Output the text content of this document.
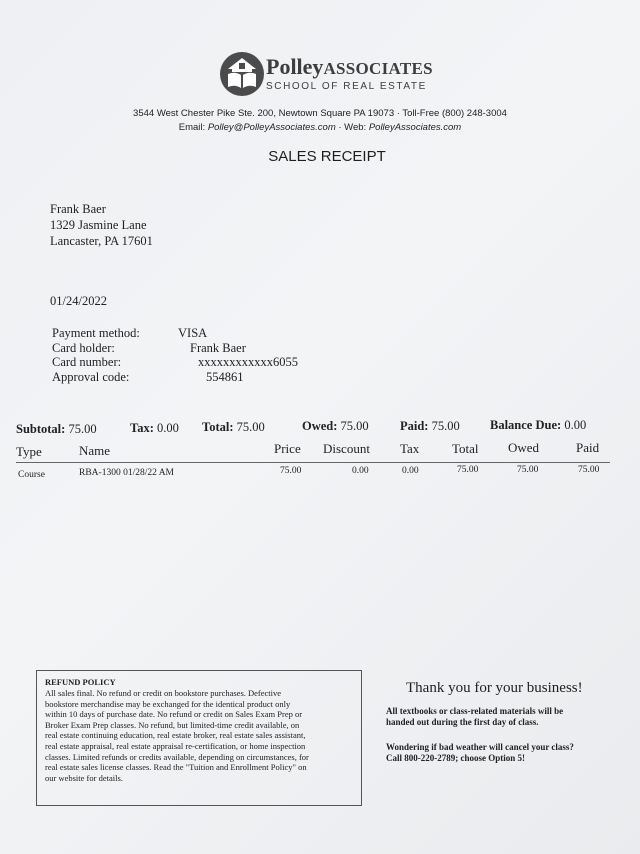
PolleyASSOCIATES
SCHOOL OF REAL ESTATE
3544 West Chester Pike Ste. 200, Newtown Square PA 19073 · Toll-Free (800) 248-3004
Email: Polley@PolleyAssociates.com · Web: PolleyAssociates.com
SALES RECEIPT
Frank Baer
1329 Jasmine Lane
Lancaster, PA 17601
01/24/2022
Payment method:	VISA
Card holder:	Frank Baer
Card number:	xxxxxxxxxxxx6055
Approval code:	554861
Subtotal: 75.00	Tax: 0.00 Total: 75.00	Owed: 75.00	Paid: 75.00 Balance Due: 0.00
Type	Name	Price Discount Tax	Total Owed	Paid
Course	RBA-1300 01/28/22 AM	75.00	0.00	0.00	75.00	75.00	75.00
REFUND POLICY
All sales final. No refund or credit on bookstore purchases. Defective
bookstore merchandise may be exchanged for the identical product only
within 10 days of purchase date. No refund or credit on Sales Exam Prep or
Broker Exam Prep classes. No refund, but limited-time credit available, on
real estate continuing education, real estate broker, real estate sales assistant,
real estate appraisal, real estate appraisal re-certification, or home inspection
classes. Limited refunds or credits available, depending on circumstances, for
real estate sales license classes. Read the "Tuition and Enrollment Policy" on
our website for details.
Thank you for your business!
All textbooks or class-related materials will be
handed out during the first day of class.
Wondering if bad weather will cancel your class?
Call 800-220-2789; choose Option 5!
